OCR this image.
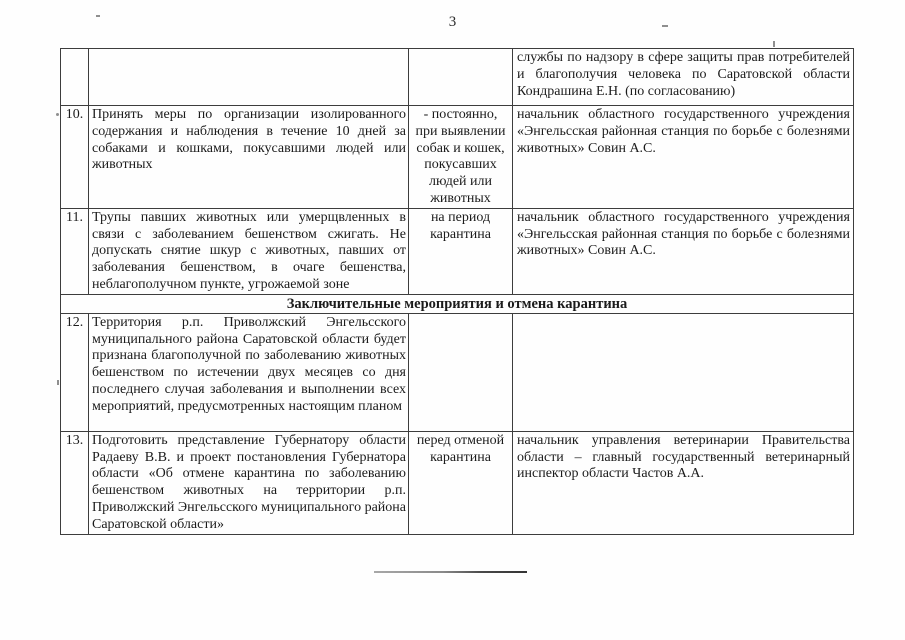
3
			службы по надзору в сфере защиты прав потребителей и благополучия человека по Саратовской области Кондрашина Е.Н. (по согласованию)
10.	Принять меры по организации изолированного содержания и наблюдения в течение 10 дней за собаками и кошками, покусавшими людей или животных	- постоянно, при выявлении собак и кошек, покусавших людей или животных	начальник областного государственного учреждения «Энгельсская районная станция по борьбе с болезнями животных» Совин А.С.
11.	Трупы павших животных или умерщвленных в связи с заболеванием бешенством сжигать. Не допускать снятие шкур с животных, павших от заболевания бешенством, в очаге бешенства, неблагополучном пункте, угрожаемой зоне	на период карантина	начальник областного государственного учреждения «Энгельсская районная станция по борьбе с болезнями животных» Совин А.С.
Заключительные мероприятия и отмена карантина			
12.	Территория р.п. Приволжский Энгельсского муниципального района Саратовской области будет признана благополучной по заболеванию животных бешенством по истечении двух месяцев со дня последнего случая заболевания и выполнении всех мероприятий, предусмотренных настоящим планом		
13.	Подготовить представление Губернатору области Радаеву В.В. и проект постановления Губернатора области «Об отмене карантина по заболеванию бешенством животных на территории р.п. Приволжский Энгельсского муниципального района Саратовской области»	перед отменой карантина	начальник управления ветеринарии Правительства области – главный государственный ветеринарный инспектор области Частов А.А.
